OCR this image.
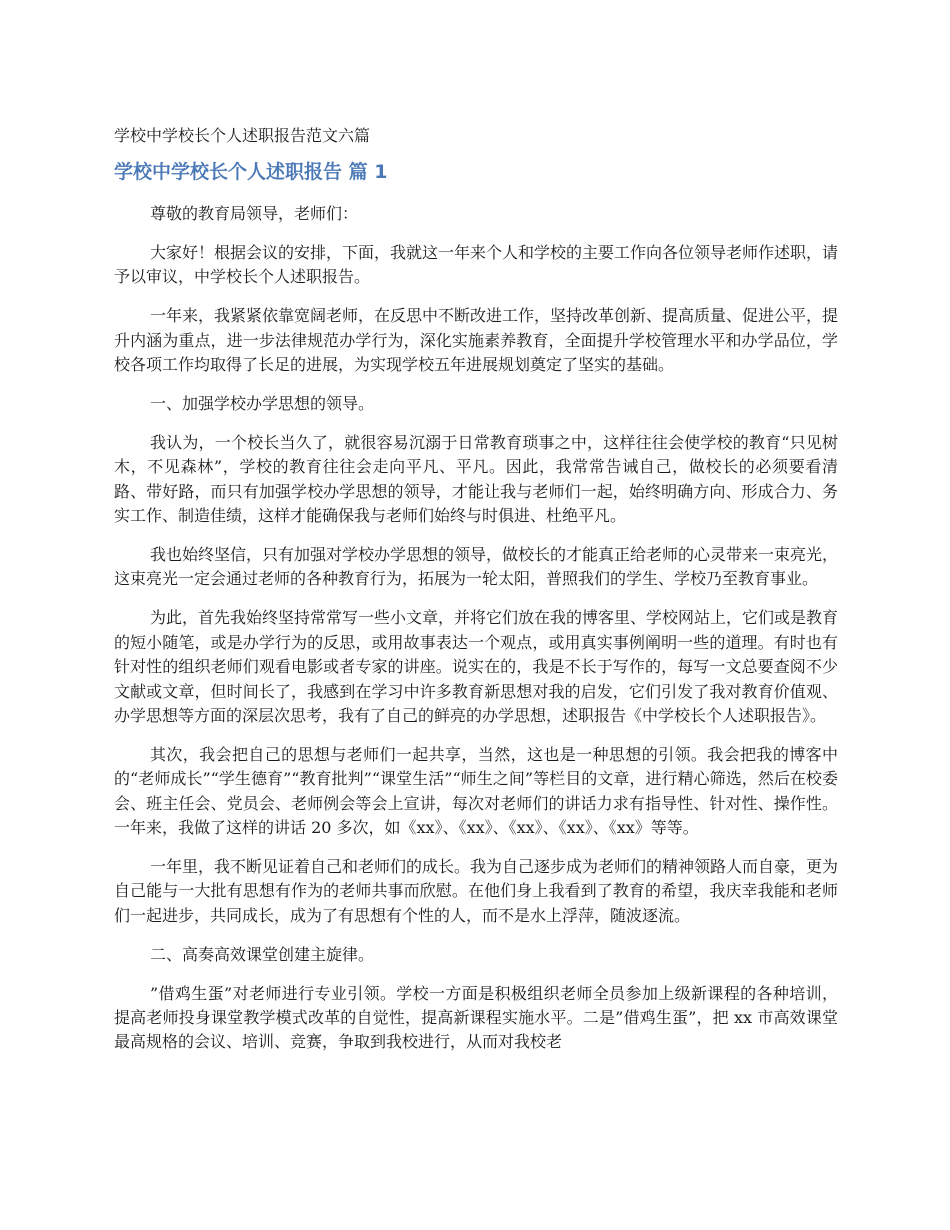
学校中学校长个人述职报告范文六篇
学校中学校长个人述职报告 篇 1

尊敬的教育局领导，老师们：

大家好！根据会议的安排，下面，我就这一年来个人和学校的主要工作向各位领导老师作述职，请予以审议，中学校长个人述职报告。

一年来，我紧紧依靠宽阔老师，在反思中不断改进工作，坚持改革创新、提高质量、促进公平，提升内涵为重点，进一步法律规范办学行为，深化实施素养教育，全面提升学校管理水平和办学品位，学校各项工作均取得了长足的进展，为实现学校五年进展规划奠定了坚实的基础。

一、加强学校办学思想的领导。

我认为，一个校长当久了，就很容易沉溺于日常教育琐事之中，这样往往会使学校的教育“只见树木，不见森林”，学校的教育往往会走向平凡、平凡。因此，我常常告诫自己，做校长的必须要看清路、带好路，而只有加强学校办学思想的领导，才能让我与老师们一起，始终明确方向、形成合力、务实工作、制造佳绩，这样才能确保我与老师们始终与时俱进、杜绝平凡。

我也始终坚信，只有加强对学校办学思想的领导，做校长的才能真正给老师的心灵带来一束亮光，这束亮光一定会通过老师的各种教育行为，拓展为一轮太阳，普照我们的学生、学校乃至教育事业。

为此，首先我始终坚持常常写一些小文章，并将它们放在我的博客里、学校网站上，它们或是教育的短小随笔，或是办学行为的反思，或用故事表达一个观点，或用真实事例阐明一些的道理。有时也有针对性的组织老师们观看电影或者专家的讲座。说实在的，我是不长于写作的，每写一文总要查阅不少文献或文章，但时间长了，我感到在学习中许多教育新思想对我的启发，它们引发了我对教育价值观、办学思想等方面的深层次思考，我有了自己的鲜亮的办学思想，述职报告《中学校长个人述职报告》。

其次，我会把自己的思想与老师们一起共享，当然，这也是一种思想的引领。我会把我的博客中的“老师成长”“学生德育”“教育批判”“课堂生活”“师生之间”等栏目的文章，进行精心筛选，然后在校委会、班主任会、党员会、老师例会等会上宣讲，每次对老师们的讲话力求有指导性、针对性、操作性。一年来，我做了这样的讲话 20 多次，如《xx》、《xx》、《xx》、《xx》、《xx》等等。

一年里，我不断见证着自己和老师们的成长。我为自己逐步成为老师们的精神领路人而自豪，更为自己能与一大批有思想有作为的老师共事而欣慰。在他们身上我看到了教育的希望，我庆幸我能和老师们一起进步，共同成长，成为了有思想有个性的人，而不是水上浮萍，随波逐流。

二、高奏高效课堂创建主旋律。

”借鸡生蛋”对老师进行专业引领。学校一方面是积极组织老师全员参加上级新课程的各种培训，提高老师投身课堂教学模式改革的自觉性，提高新课程实施水平。二是”借鸡生蛋”，把 xx 市高效课堂最高规格的会议、培训、竞赛，争取到我校进行，从而对我校老
